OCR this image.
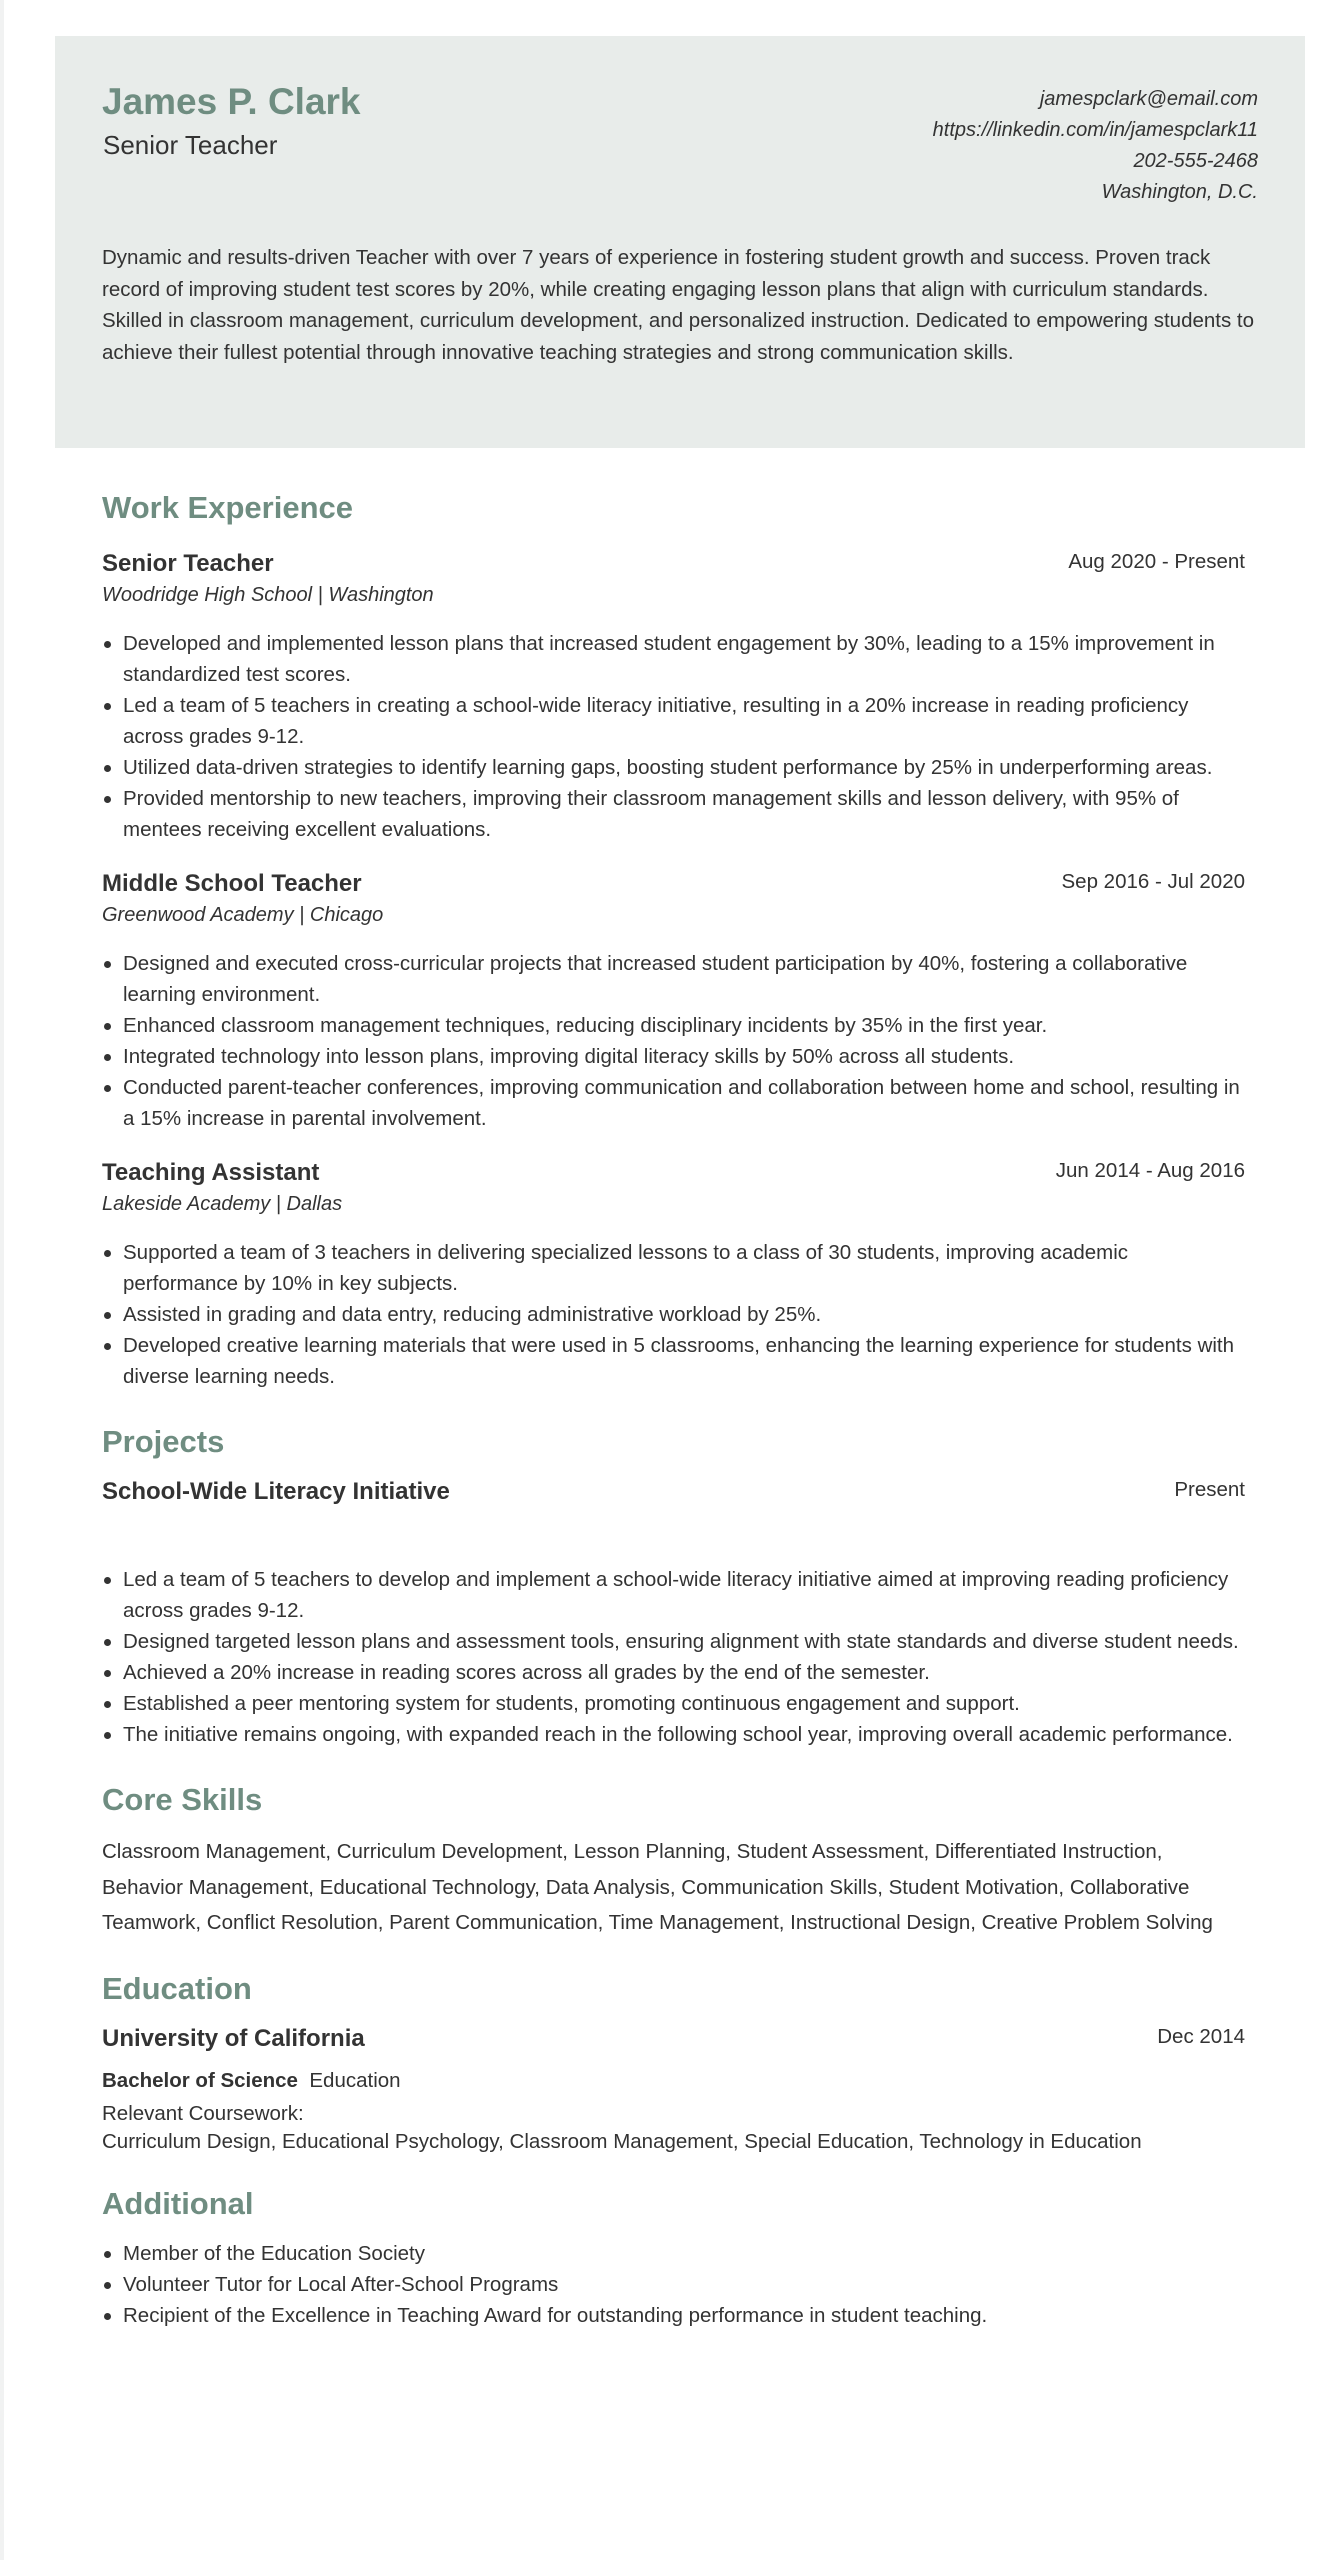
James P. Clark
Senior Teacher
jamespclark@email.com
https://linkedin.com/in/jamespclark11
202-555-2468
Washington, D.C.

Dynamic and results-driven Teacher with over 7 years of experience in fostering student growth and success. Proven track record of improving student test scores by 20%, while creating engaging lesson plans that align with curriculum standards. Skilled in classroom management, curriculum development, and personalized instruction. Dedicated to empowering students to achieve their fullest potential through innovative teaching strategies and strong communication skills.

Work Experience
Senior Teacher	Aug 2020 - Present
Woodridge High School | Washington
Developed and implemented lesson plans that increased student engagement by 30%, leading to a 15% improvement in standardized test scores.
Led a team of 5 teachers in creating a school-wide literacy initiative, resulting in a 20% increase in reading proficiency across grades 9-12.
Utilized data-driven strategies to identify learning gaps, boosting student performance by 25% in underperforming areas.
Provided mentorship to new teachers, improving their classroom management skills and lesson delivery, with 95% of mentees receiving excellent evaluations.
Middle School Teacher	Sep 2016 - Jul 2020
Greenwood Academy | Chicago
Designed and executed cross-curricular projects that increased student participation by 40%, fostering a collaborative learning environment.
Enhanced classroom management techniques, reducing disciplinary incidents by 35% in the first year.
Integrated technology into lesson plans, improving digital literacy skills by 50% across all students.
Conducted parent-teacher conferences, improving communication and collaboration between home and school, resulting in a 15% increase in parental involvement.
Teaching Assistant	Jun 2014 - Aug 2016
Lakeside Academy | Dallas
Supported a team of 3 teachers in delivering specialized lessons to a class of 30 students, improving academic performance by 10% in key subjects.
Assisted in grading and data entry, reducing administrative workload by 25%.
Developed creative learning materials that were used in 5 classrooms, enhancing the learning experience for students with diverse learning needs.
Projects
School-Wide Literacy Initiative	Present
Led a team of 5 teachers to develop and implement a school-wide literacy initiative aimed at improving reading proficiency across grades 9-12.
Designed targeted lesson plans and assessment tools, ensuring alignment with state standards and diverse student needs.
Achieved a 20% increase in reading scores across all grades by the end of the semester.
Established a peer mentoring system for students, promoting continuous engagement and support.
The initiative remains ongoing, with expanded reach in the following school year, improving overall academic performance.
Core Skills

Classroom Management, Curriculum Development, Lesson Planning, Student Assessment, Differentiated Instruction, Behavior Management, Educational Technology, Data Analysis, Communication Skills, Student Motivation, Collaborative Teamwork, Conflict Resolution, Parent Communication, Time Management, Instructional Design, Creative Problem Solving

Education
University of California	Dec 2014
Bachelor of Science Education
Relevant Coursework:
Curriculum Design, Educational Psychology, Classroom Management, Special Education, Technology in Education
Additional
Member of the Education Society
Volunteer Tutor for Local After-School Programs
Recipient of the Excellence in Teaching Award for outstanding performance in student teaching.
